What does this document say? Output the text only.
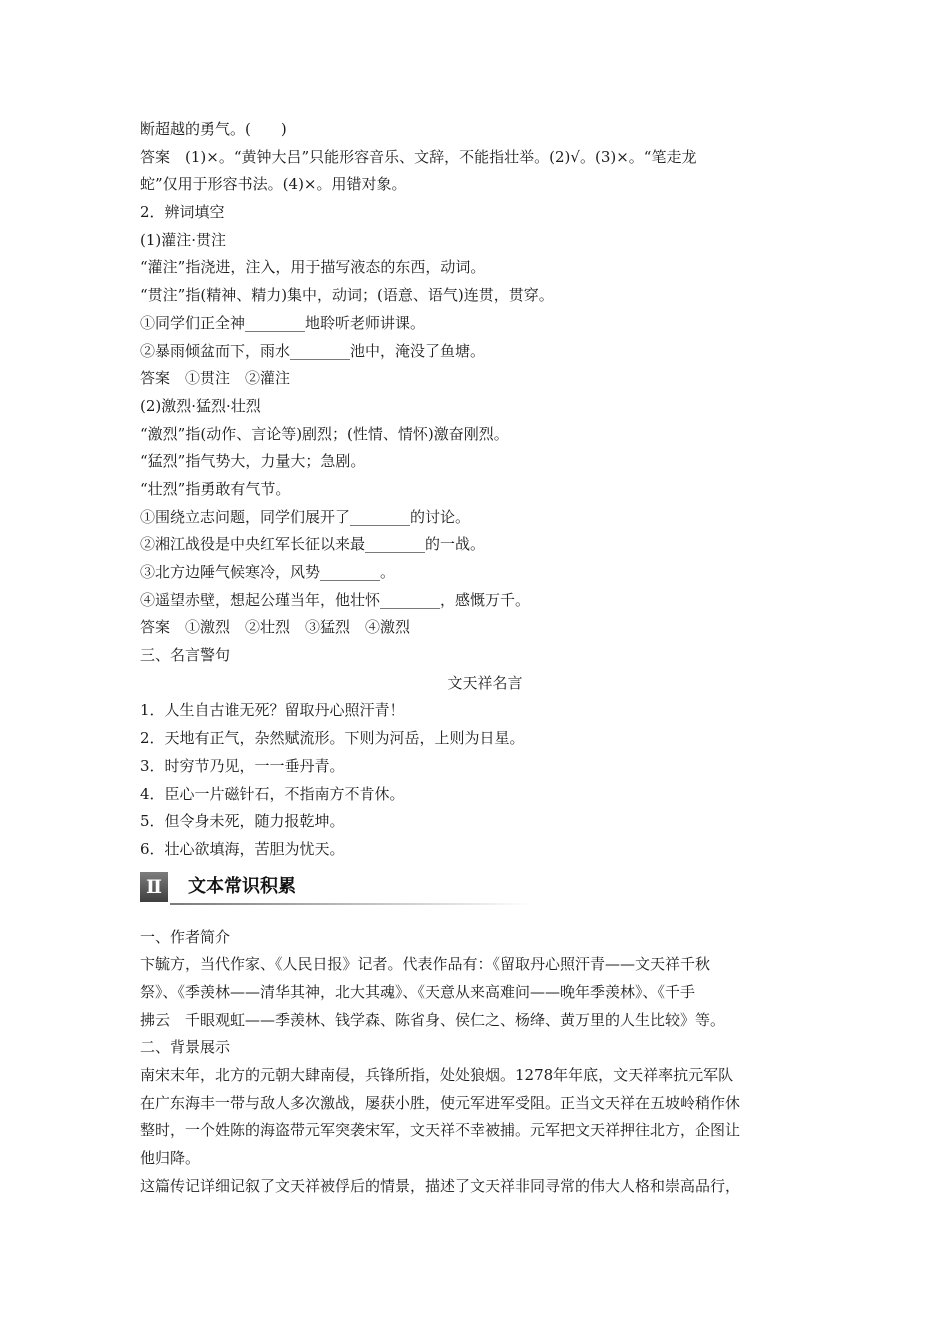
断超越的勇气。(　　)
答案　(1)×。“黄钟大吕”只能形容音乐、文辞，不能指壮举。(2)√。(3)×。“笔走龙
蛇”仅用于形容书法。(4)×。用错对象。
2．辨词填空
(1)灌注·贯注
“灌注”指浇进，注入，用于描写液态的东西，动词。
“贯注”指(精神、精力)集中，动词；(语意、语气)连贯，贯穿。
①同学们正全神________地聆听老师讲课。
②暴雨倾盆而下，雨水________池中，淹没了鱼塘。
答案　①贯注　②灌注
(2)激烈·猛烈·壮烈
“激烈”指(动作、言论等)剧烈；(性情、情怀)激奋刚烈。
“猛烈”指气势大，力量大；急剧。
“壮烈”指勇敢有气节。
①围绕立志问题，同学们展开了________的讨论。
②湘江战役是中央红军长征以来最________的一战。
③北方边陲气候寒冷，风势________。
④遥望赤壁，想起公瑾当年，他壮怀________，感慨万千。
答案　①激烈　②壮烈　③猛烈　④激烈
三、名言警句
文天祥名言
1．人生自古谁无死？留取丹心照汗青！
2．天地有正气，杂然赋流形。下则为河岳，上则为日星。
3．时穷节乃见，一一垂丹青。
4．臣心一片磁针石，不指南方不肯休。
5．但令身未死，随力报乾坤。
6．壮心欲填海，苦胆为忧天。
Ⅱ	文本常识积累
一、作者简介
卞毓方，当代作家、《人民日报》记者。代表作品有：《留取丹心照汗青——文天祥千秋
祭》、《季羡林——清华其神，北大其魂》、《天意从来高难问——晚年季羡林》、《千手
拂云　千眼观虹——季羡林、钱学森、陈省身、侯仁之、杨绛、黄万里的人生比较》等。
二、背景展示
南宋末年，北方的元朝大肆南侵，兵锋所指，处处狼烟。1278年年底，文天祥率抗元军队
在广东海丰一带与敌人多次激战，屡获小胜，使元军进军受阻。正当文天祥在五坡岭稍作休
整时，一个姓陈的海盗带元军突袭宋军，文天祥不幸被捕。元军把文天祥押往北方，企图让
他归降。
这篇传记详细记叙了文天祥被俘后的情景，描述了文天祥非同寻常的伟大人格和崇高品行，
